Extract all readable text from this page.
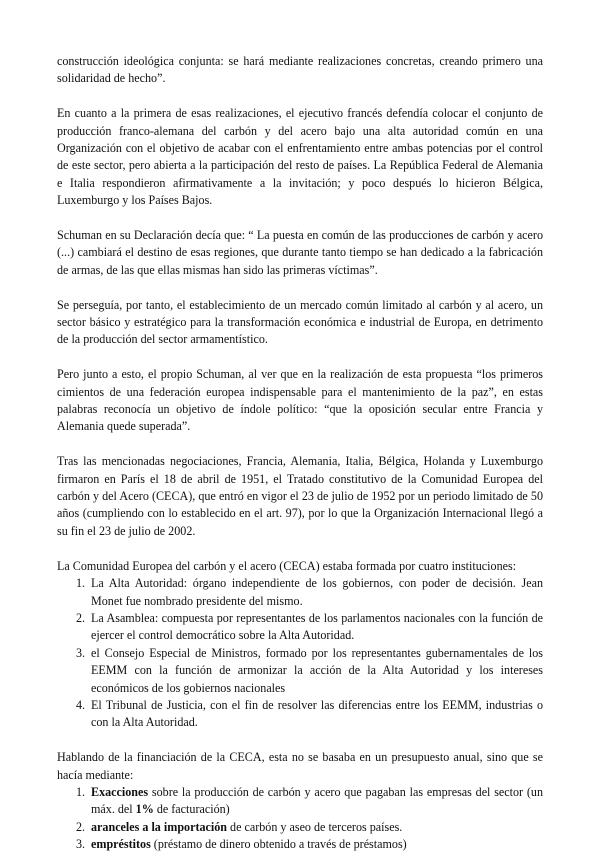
construcción ideológica conjunta: se hará mediante realizaciones concretas, creando primero una solidaridad de hecho”.

En cuanto a la primera de esas realizaciones, el ejecutivo francés defendía colocar el conjunto de producción franco-alemana del carbón y del acero bajo una alta autoridad común en una Organización con el objetivo de acabar con el enfrentamiento entre ambas potencias por el control de este sector, pero abierta a la participación del resto de países. La República Federal de Alemania e Italia respondieron afirmativamente a la invitación; y poco después lo hicieron Bélgica, Luxemburgo y los Países Bajos.

Schuman en su Declaración decía que: “ La puesta en común de las producciones de carbón y acero (...) cambiará el destino de esas regiones, que durante tanto tiempo se han dedicado a la fabricación de armas, de las que ellas mismas han sido las primeras víctimas”.

Se perseguía, por tanto, el establecimiento de un mercado común limitado al carbón y al acero, un sector básico y estratégico para la transformación económica e industrial de Europa, en detrimento de la producción del sector armamentístico.

Pero junto a esto, el propio Schuman, al ver que en la realización de esta propuesta “los primeros cimientos de una federación europea indispensable para el mantenimiento de la paz”, en estas palabras reconocía un objetivo de índole político: “que la oposición secular entre Francia y Alemania quede superada”.

Tras las mencionadas negociaciones, Francia, Alemania, Italia, Bélgica, Holanda y Luxemburgo firmaron en París el 18 de abril de 1951, el Tratado constitutivo de la Comunidad Europea del carbón y del Acero (CECA), que entró en vigor el 23 de julio de 1952 por un periodo limitado de 50 años (cumpliendo con lo establecido en el art. 97), por lo que la Organización Internacional llegó a su fin el 23 de julio de 2002.

La Comunidad Europea del carbón y el acero (CECA) estaba formada por cuatro instituciones:

1. La Alta Autoridad: órgano independiente de los gobiernos, con poder de decisión. Jean Monet fue nombrado presidente del mismo.
2. La Asamblea: compuesta por representantes de los parlamentos nacionales con la función de ejercer el control democrático sobre la Alta Autoridad.
3. el Consejo Especial de Ministros, formado por los representantes gubernamentales de los EEMM con la función de armonizar la acción de la Alta Autoridad y los intereses económicos de los gobiernos nacionales
4. El Tribunal de Justicia, con el fin de resolver las diferencias entre los EEMM, industrias o con la Alta Autoridad.

Hablando de la financiación de la CECA, esta no se basaba en un presupuesto anual, sino que se hacía mediante:

1. Exacciones sobre la producción de carbón y acero que pagaban las empresas del sector (un máx. del 1% de facturación)
2. aranceles a la importación de carbón y aseo de terceros países.
3. empréstitos (préstamo de dinero obtenido a través de préstamos)
